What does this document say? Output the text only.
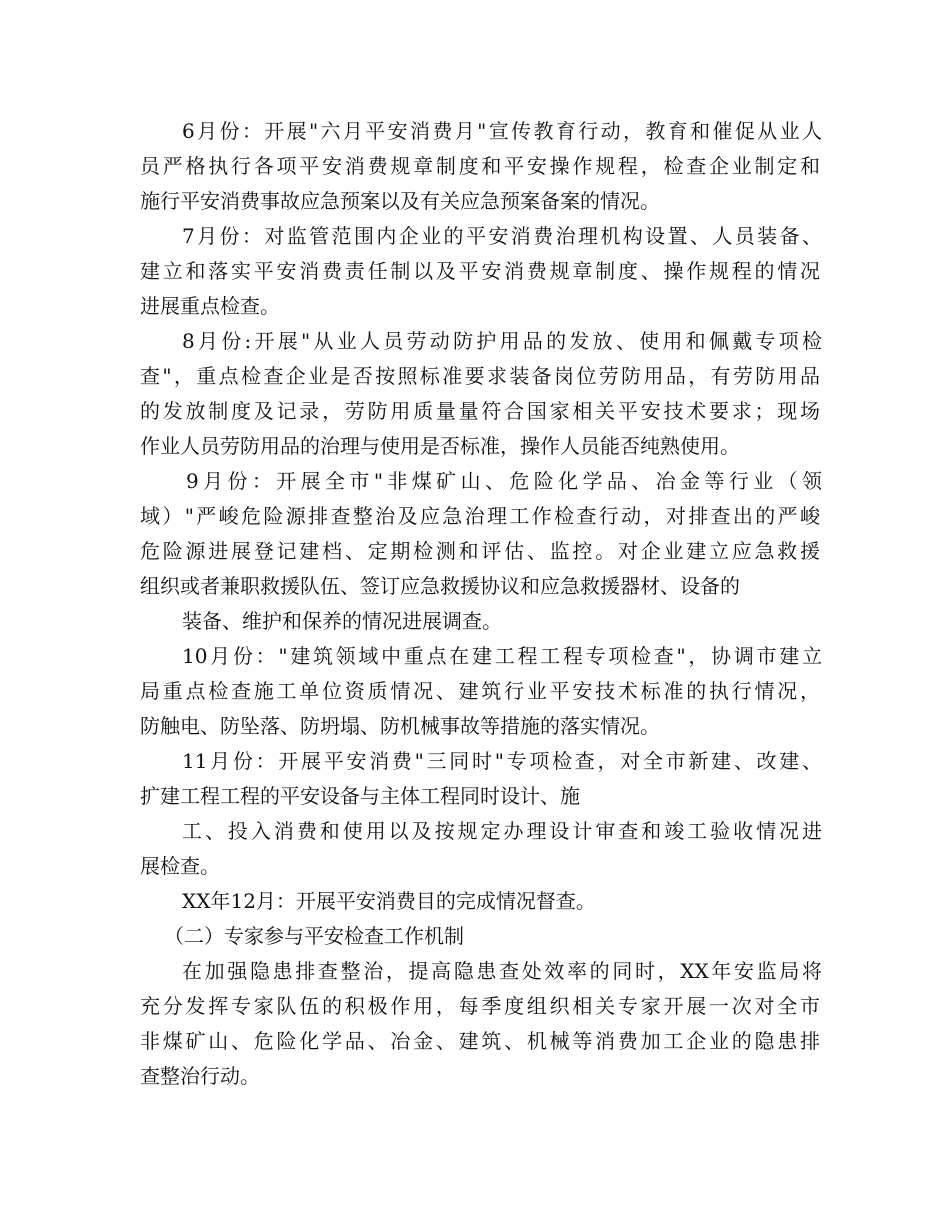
6月份：开展"六月平安消费月"宣传教育行动，教育和催促从业人
员严格执行各项平安消费规章制度和平安操作规程，检查企业制定和
施行平安消费事故应急预案以及有关应急预案备案的情况。
7月份：对监管范围内企业的平安消费治理机构设置、人员装备、
建立和落实平安消费责任制以及平安消费规章制度、操作规程的情况
进展重点检查。
8月份:开展"从业人员劳动防护用品的发放、使用和佩戴专项检
查"，重点检查企业是否按照标准要求装备岗位劳防用品，有劳防用品
的发放制度及记录，劳防用质量量符合国家相关平安技术要求；现场
作业人员劳防用品的治理与使用是否标准，操作人员能否纯熟使用。
9月份：开展全市"非煤矿山、危险化学品、冶金等行业（领
域）"严峻危险源排查整治及应急治理工作检查行动，对排查出的严峻
危险源进展登记建档、定期检测和评估、监控。对企业建立应急救援
组织或者兼职救援队伍、签订应急救援协议和应急救援器材、设备的
装备、维护和保养的情况进展调查。
10月份："建筑领域中重点在建工程工程专项检查"，协调市建立
局重点检查施工单位资质情况、建筑行业平安技术标准的执行情况，
防触电、防坠落、防坍塌、防机械事故等措施的落实情况。
11月份：开展平安消费"三同时"专项检查，对全市新建、改建、
扩建工程工程的平安设备与主体工程同时设计、施
工、投入消费和使用以及按规定办理设计审查和竣工验收情况进
展检查。
XX年12月：开展平安消费目的完成情况督查。
（二）专家参与平安检查工作机制
在加强隐患排查整治，提高隐患查处效率的同时，XX年安监局将
充分发挥专家队伍的积极作用，每季度组织相关专家开展一次对全市
非煤矿山、危险化学品、冶金、建筑、机械等消费加工企业的隐患排
查整治行动。
